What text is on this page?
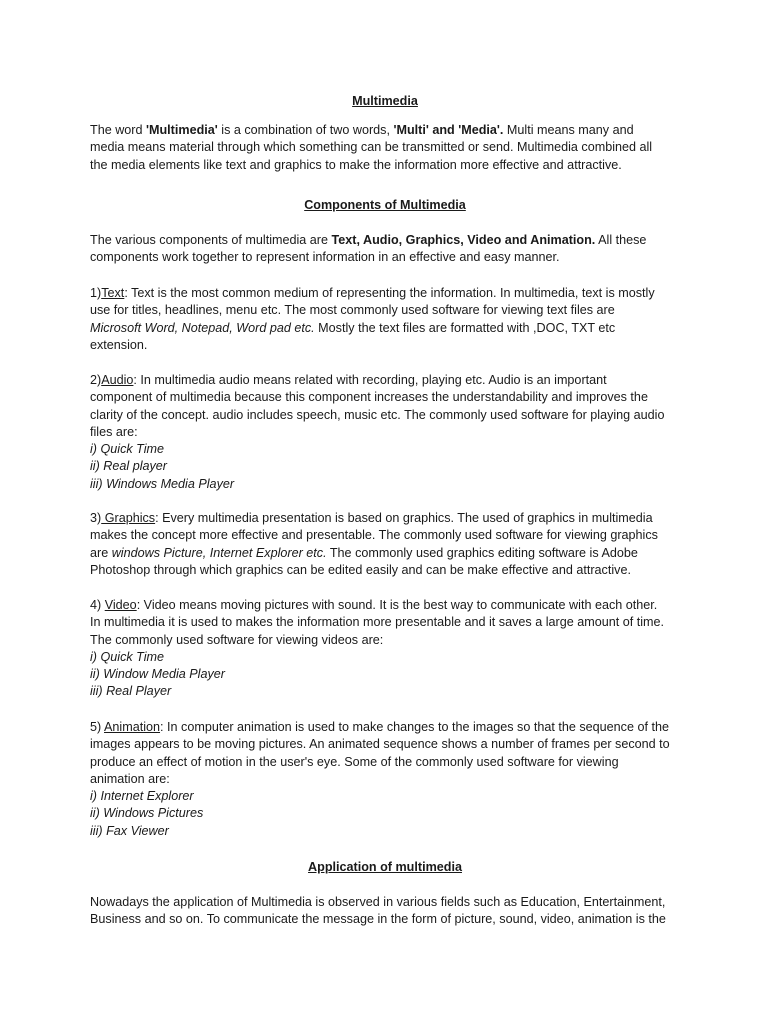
Multimedia

The word 'Multimedia' is a combination of two words, 'Multi' and 'Media'. Multi means many and
media means material through which something can be transmitted or send. Multimedia combined all
the media elements like text and graphics to make the information more effective and attractive.

Components of Multimedia

The various components of multimedia are Text, Audio, Graphics, Video and Animation. All these
components work together to represent information in an effective and easy manner.
1)Text: Text is the most common medium of representing the information. In multimedia, text is mostly
use for titles, headlines, menu etc. The most commonly used software for viewing text files are
Microsoft Word, Notepad, Word pad etc. Mostly the text files are formatted with ,DOC, TXT etc
extension.
2)Audio: In multimedia audio means related with recording, playing etc. Audio is an important
component of multimedia because this component increases the understandability and improves the
clarity of the concept. audio includes speech, music etc. The commonly used software for playing audio
files are:
i) Quick Time
ii) Real player
iii) Windows Media Player
3) Graphics: Every multimedia presentation is based on graphics. The used of graphics in multimedia
makes the concept more effective and presentable. The commonly used software for viewing graphics
are windows Picture, Internet Explorer etc. The commonly used graphics editing software is Adobe
Photoshop through which graphics can be edited easily and can be make effective and attractive.
4) Video: Video means moving pictures with sound. It is the best way to communicate with each other.
In multimedia it is used to makes the information more presentable and it saves a large amount of time.
The commonly used software for viewing videos are:
i) Quick Time
ii) Window Media Player
iii) Real Player
5) Animation: In computer animation is used to make changes to the images so that the sequence of the
images appears to be moving pictures. An animated sequence shows a number of frames per second to
produce an effect of motion in the user's eye. Some of the commonly used software for viewing
animation are:
i) Internet Explorer
ii) Windows Pictures
iii) Fax Viewer

Application of multimedia

Nowadays the application of Multimedia is observed in various fields such as Education, Entertainment,
Business and so on. To communicate the message in the form of picture, sound, video, animation is the
